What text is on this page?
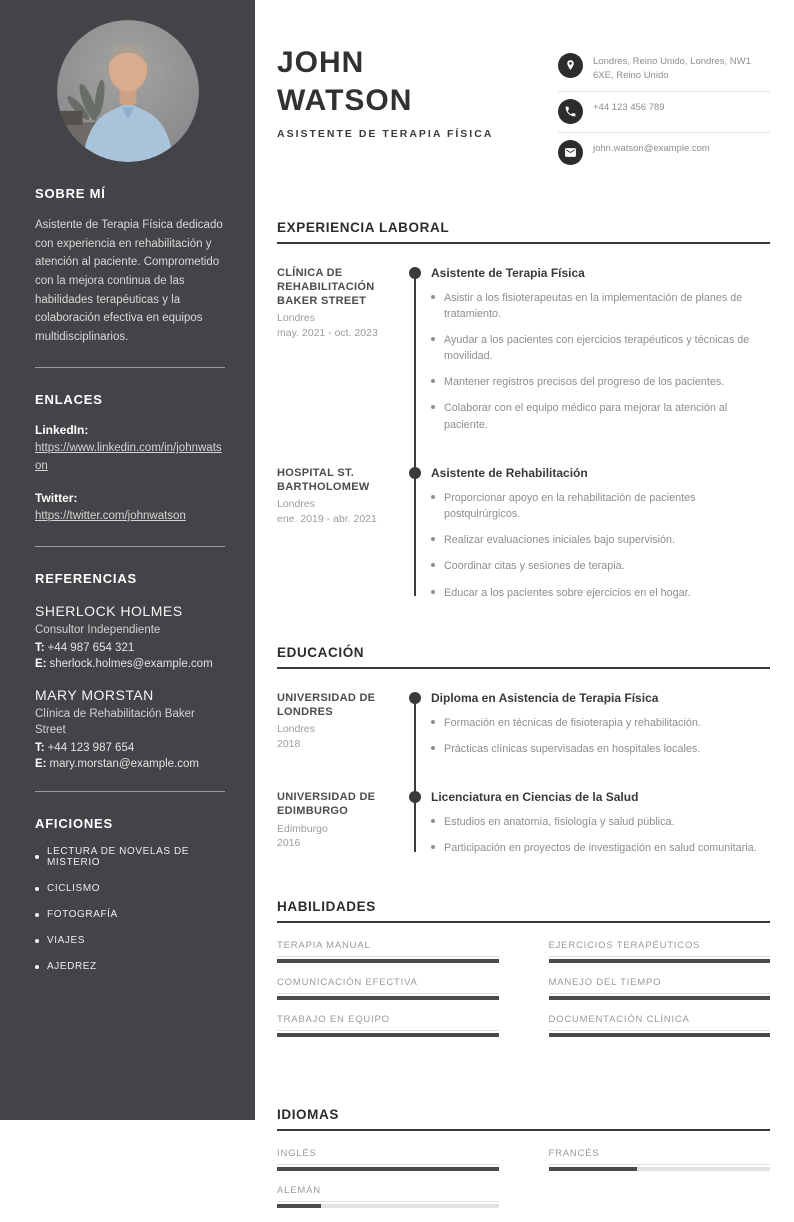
SOBRE MÍ

Asistente de Terapia Física dedicado con experiencia en rehabilitación y atención al paciente. Comprometido con la mejora continua de las habilidades terapéuticas y la colaboración efectiva en equipos multidisciplinarios.

ENLACES
LinkedIn:
https://www.linkedin.com/in/johnwatson
Twitter:
https://twitter.com/johnwatson
REFERENCIAS
SHERLOCK HOLMES
Consultor Independiente
T: +44 987 654 321
E: sherlock.holmes@example.com
MARY MORSTAN
Clínica de Rehabilitación Baker Street
T: +44 123 987 654
E: mary.morstan@example.com
AFICIONES
LECTURA DE NOVELAS DE MISTERIO
CICLISMO
FOTOGRAFÍA
VIAJES
AJEDREZ
JOHN
WATSON
ASISTENTE DE TERAPIA FÍSICA
Londres, Reino Unido, Londres, NW1 6XE, Reino Unido
+44 123 456 789
john.watson@example.com
EXPERIENCIA LABORAL
CLÍNICA DE REHABILITACIÓN BAKER STREET
Londres
may. 2021 - oct. 2023
Asistente de Terapia Física
Asistir a los fisioterapeutas en la implementación de planes de tratamiento.
Ayudar a los pacientes con ejercicios terapéuticos y técnicas de movilidad.
Mantener registros precisos del progreso de los pacientes.
Colaborar con el equipo médico para mejorar la atención al paciente.
HOSPITAL ST. BARTHOLOMEW
Londres
ene. 2019 - abr. 2021
Asistente de Rehabilitación
Proporcionar apoyo en la rehabilitación de pacientes postquirúrgicos.
Realizar evaluaciones iniciales bajo supervisión.
Coordinar citas y sesiones de terapia.
Educar a los pacientes sobre ejercicios en el hogar.
EDUCACIÓN
UNIVERSIDAD DE LONDRES
Londres
2018
Diploma en Asistencia de Terapia Física
Formación en técnicas de fisioterapia y rehabilitación.
Prácticas clínicas supervisadas en hospitales locales.
UNIVERSIDAD DE EDIMBURGO
Edimburgo
2016
Licenciatura en Ciencias de la Salud
Estudios en anatomía, fisiología y salud pública.
Participación en proyectos de investigación en salud comunitaria.
HABILIDADES
TERAPIA MANUAL	EJERCICIOS TERAPÉUTICOS
COMUNICACIÓN EFECTIVA	MANEJO DEL TIEMPO
TRABAJO EN EQUIPO	DOCUMENTACIÓN CLÍNICA
IDIOMAS
INGLÉS	FRANCÉS
ALEMÁN
